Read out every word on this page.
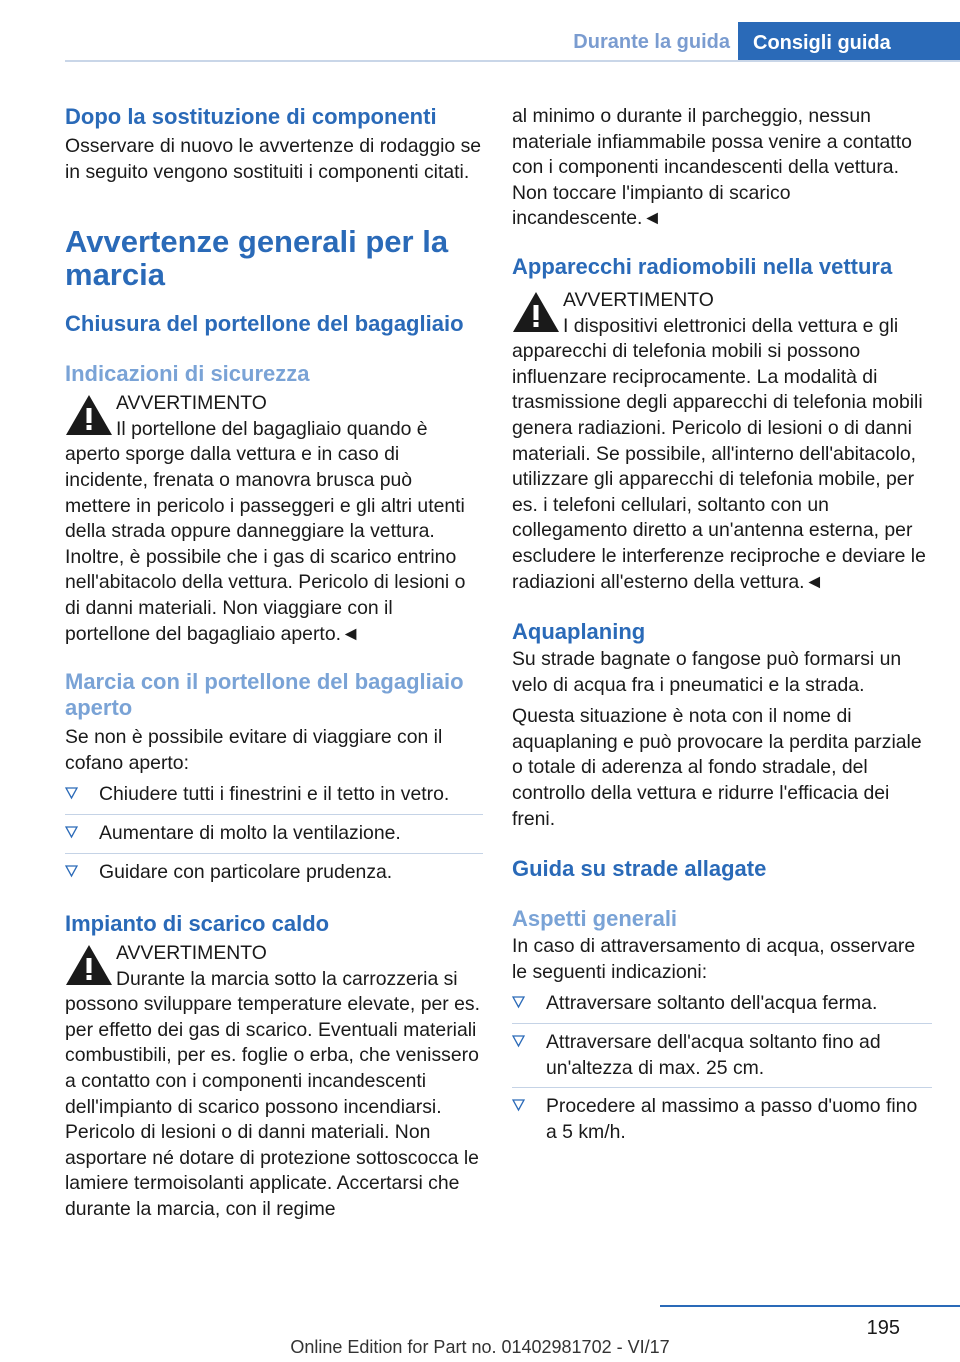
Durante la guida	Consigli guida
Dopo la sostituzione di componenti

Osservare di nuovo le avvertenze di rodaggio se in seguito vengono sostituiti i componenti citati.

Avvertenze generali per la marcia
Chiusura del portellone del bagagliaio
Indicazioni di sicurezza
AVVERTIMENTO

Il portellone del bagagliaio quando è aperto sporge dalla vettura e in caso di incidente, frenata o manovra brusca può mettere in pericolo i passeggeri e gli altri utenti della strada oppure danneggiare la vettura. Inoltre, è possibile che i gas di scarico entrino nell'abitacolo della vettura. Pericolo di lesioni o di danni materiali. Non viaggiare con il portellone del bagagliaio aperto.◄

Marcia con il portellone del bagagliaio aperto

Se non è possibile evitare di viaggiare con il cofano aperto:

Chiudere tutti i finestrini e il tetto in vetro.
Aumentare di molto la ventilazione.
Guidare con particolare prudenza.
Impianto di scarico caldo
AVVERTIMENTO

Durante la marcia sotto la carrozzeria si possono sviluppare temperature elevate, per es. per effetto dei gas di scarico. Eventuali materiali combustibili, per es. foglie o erba, che venissero a contatto con i componenti incandescenti dell'impianto di scarico possono incendiarsi. Pericolo di lesioni o di danni materiali. Non asportare né dotare di protezione sottoscocca le lamiere termoisolanti applicate. Accertarsi che durante la marcia, con il regime

al minimo o durante il parcheggio, nessun materiale infiammabile possa venire a contatto con i componenti incandescenti della vettura. Non toccare l'impianto di scarico incandescente.◄

Apparecchi radiomobili nella vettura
AVVERTIMENTO

I dispositivi elettronici della vettura e gli apparecchi di telefonia mobili si possono influenzare reciprocamente. La modalità di trasmissione degli apparecchi di telefonia mobili genera radiazioni. Pericolo di lesioni o di danni materiali. Se possibile, all'interno dell'abitacolo, utilizzare gli apparecchi di telefonia mobile, per es. i telefoni cellulari, soltanto con un collegamento diretto a un'antenna esterna, per escludere le interferenze reciproche e deviare le radiazioni all'esterno della vettura.◄

Aquaplaning

Su strade bagnate o fangose può formarsi un velo di acqua fra i pneumatici e la strada.

Questa situazione è nota con il nome di aquaplaning e può provocare la perdita parziale o totale di aderenza al fondo stradale, del controllo della vettura e ridurre l'efficacia dei freni.

Guida su strade allagate
Aspetti generali

In caso di attraversamento di acqua, osservare le seguenti indicazioni:

Attraversare soltanto dell'acqua ferma.
Attraversare dell'acqua soltanto fino ad un'altezza di max. 25 cm.
Procedere al massimo a passo d'uomo fino a 5 km/h.
195
Online Edition for Part no. 01402981702 - VI/17
